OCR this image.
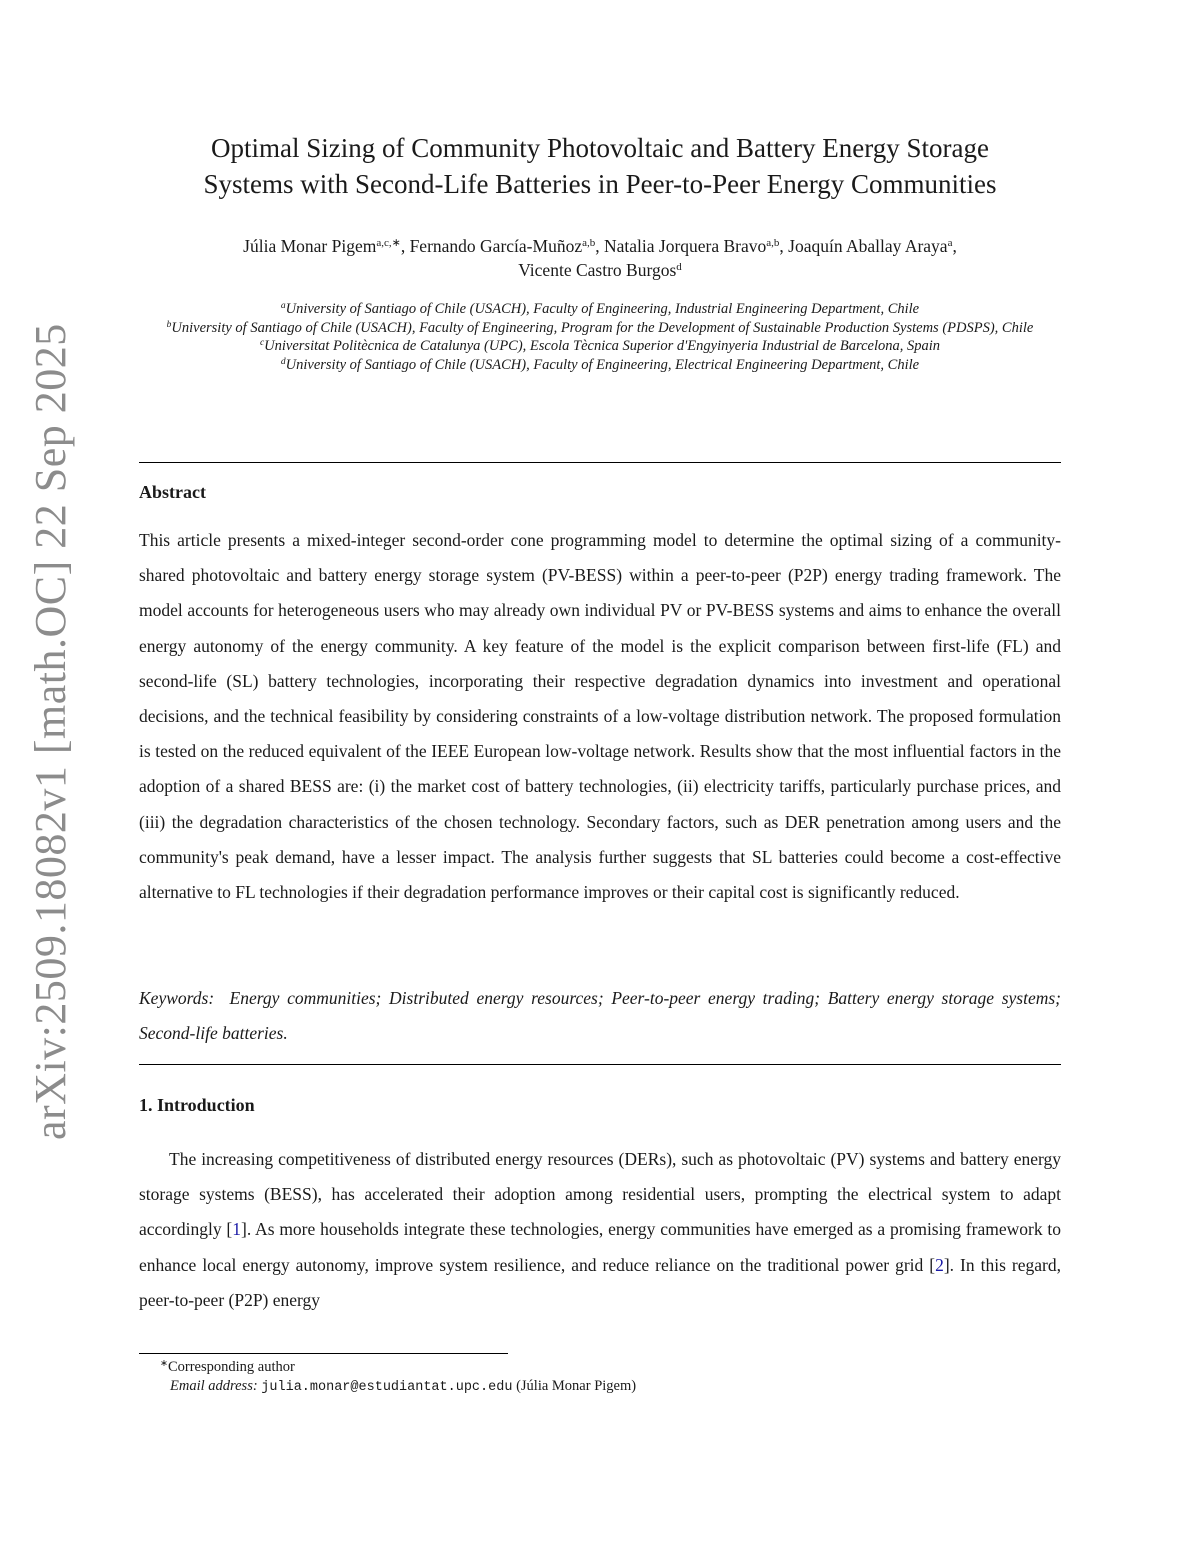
arXiv:2509.18082v1 [math.OC] 22 Sep 2025
Optimal Sizing of Community Photovoltaic and Battery Energy Storage
Systems with Second-Life Batteries in Peer-to-Peer Energy Communities
Júlia Monar Pigem$^{a,c,∗}$, Fernando García-Muñoz$^{a,b}$, Natalia Jorquera Bravo$^{a,b}$, Joaquín Aballay Araya$^a$,
Vicente Castro Burgos$^d$
$^a$University of Santiago of Chile (USACH), Faculty of Engineering, Industrial Engineering Department, Chile
$^b$University of Santiago of Chile (USACH), Faculty of Engineering, Program for the Development of Sustainable Production Systems (PDSPS), Chile
$^c$Universitat Politècnica de Catalunya (UPC), Escola Tècnica Superior d'Engyinyeria Industrial de Barcelona, Spain
$^d$University of Santiago of Chile (USACH), Faculty of Engineering, Electrical Engineering Department, Chile
Abstract

This article presents a mixed-integer second-order cone programming model to determine the optimal sizing of a community-shared photovoltaic and battery energy storage system (PV-BESS) within a peer-to-peer (P2P) energy trading framework. The model accounts for heterogeneous users who may already own individual PV or PV-BESS systems and aims to enhance the overall energy autonomy of the energy community. A key feature of the model is the explicit comparison between first-life (FL) and second-life (SL) battery technologies, incorporating their respective degradation dynamics into investment and operational decisions, and the technical feasibility by considering constraints of a low-voltage distribution network. The proposed formulation is tested on the reduced equivalent of the IEEE European low-voltage network. Results show that the most influential factors in the adoption of a shared BESS are: (i) the market cost of battery technologies, (ii) electricity tariffs, particularly purchase prices, and (iii) the degradation characteristics of the chosen technology. Secondary factors, such as DER penetration among users and the community's peak demand, have a lesser impact. The analysis further suggests that SL batteries could become a cost-effective alternative to FL technologies if their degradation performance improves or their capital cost is significantly reduced.

Keywords: Energy communities; Distributed energy resources; Peer-to-peer energy trading; Battery energy storage systems; Second-life batteries.

1. Introduction

The increasing competitiveness of distributed energy resources (DERs), such as photovoltaic (PV) systems and battery energy storage systems (BESS), has accelerated their adoption among residential users, prompting the electrical system to adapt accordingly [1]. As more households integrate these technologies, energy communities have emerged as a promising framework to enhance local energy autonomy, improve system resilience, and reduce reliance on the traditional power grid [2]. In this regard, peer-to-peer (P2P) energy

∗Corresponding author
Email address: julia.monar@estudiantat.upc.edu (Júlia Monar Pigem)
